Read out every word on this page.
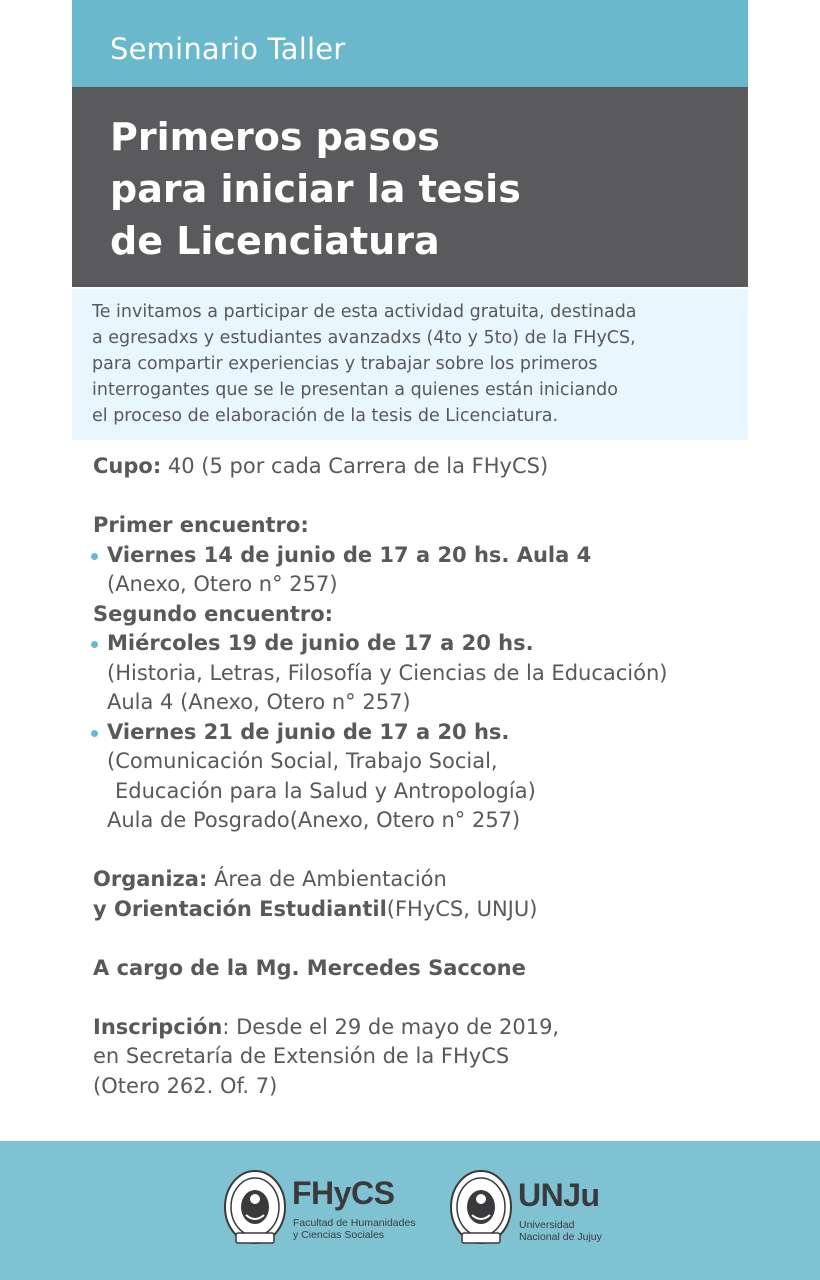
Seminario Taller
Primeros pasos
para iniciar la tesis
de Licenciatura
Te invitamos a participar de esta actividad gratuita, destinada
a egresadxs y estudiantes avanzadxs (4to y 5to) de la FHyCS,
para compartir experiencias y trabajar sobre los primeros
interrogantes que se le presentan a quienes están iniciando
el proceso de elaboración de la tesis de Licenciatura.
Cupo: 40 (5 por cada Carrera de la FHyCS)
Primer encuentro:
Viernes 14 de junio de 17 a 20 hs. Aula 4
(Anexo, Otero n° 257)
Segundo encuentro:
Miércoles 19 de junio de 17 a 20 hs.
(Historia, Letras, Filosofía y Ciencias de la Educación)
Aula 4 (Anexo, Otero n° 257)
Viernes 21 de junio de 17 a 20 hs.
(Comunicación Social, Trabajo Social,
Educación para la Salud y Antropología)
Aula de Posgrado(Anexo, Otero n° 257)
Organiza: Área de Ambientación
y Orientación Estudiantil(FHyCS, UNJU)
A cargo de la Mg. Mercedes Saccone
Inscripción: Desde el 29 de mayo de 2019,
en Secretaría de Extensión de la FHyCS
(Otero 262. Of. 7)
FHyCS
Facultad de Humanidades
y Ciencias Sociales
UNJu
Universidad
Nacional de Jujuy
